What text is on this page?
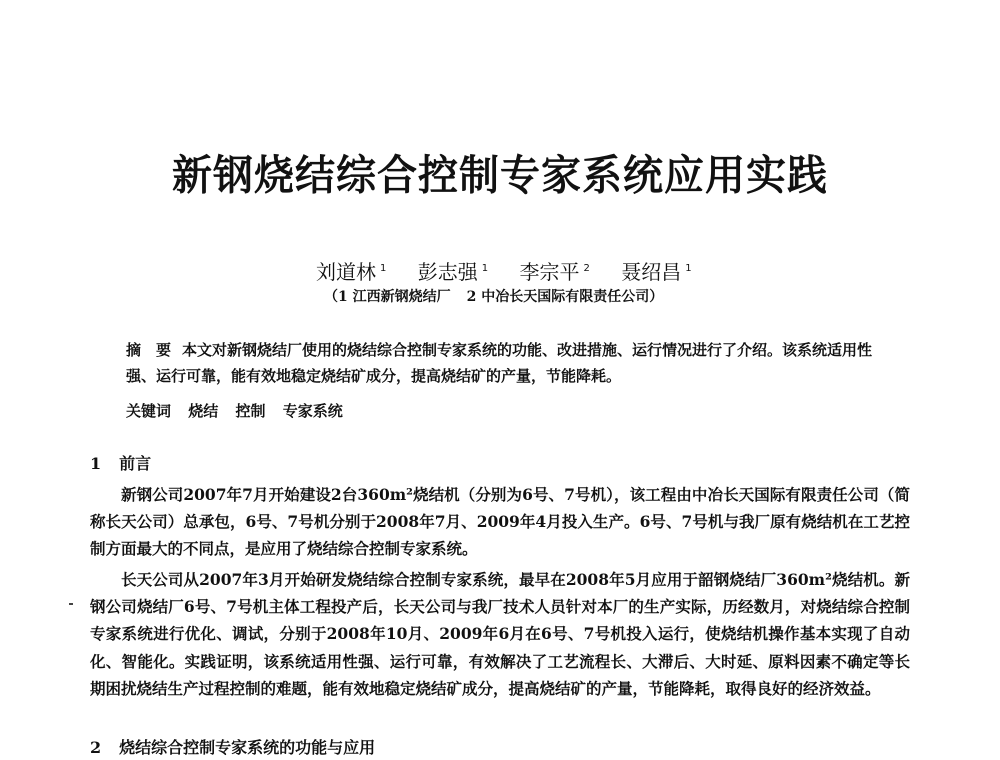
新钢烧结综合控制专家系统应用实践
刘道林 $^1$ 彭志强 $^1$ 李宗平 $^2$ 聂绍昌 $^1$
（1 江西新钢烧结厂 2 中冶长天国际有限责任公司）
摘　要 本文对新钢烧结厂使用的烧结综合控制专家系统的功能、改进措施、运行情况进行了介绍。该系统适用性强、运行可靠，能有效地稳定烧结矿成分，提高烧结矿的产量，节能降耗。
关键词 烧结 控制 专家系统
1 前言
新钢公司2007年7月开始建设2台360m²烧结机（分别为6号、7号机），该工程由中冶长天国际有限责任公司（简称长天公司）总承包，6号、7号机分别于2008年7月、2009年4月投入生产。6号、7号机与我厂原有烧结机在工艺控制方面最大的不同点，是应用了烧结综合控制专家系统。
长天公司从2007年3月开始研发烧结综合控制专家系统，最早在2008年5月应用于韶钢烧结厂360m²烧结机。新钢公司烧结厂6号、7号机主体工程投产后，长天公司与我厂技术人员针对本厂的生产实际，历经数月，对烧结综合控制专家系统进行优化、调试，分别于2008年10月、2009年6月在6号、7号机投入运行，使烧结机操作基本实现了自动化、智能化。实践证明，该系统适用性强、运行可靠，有效解决了工艺流程长、大滞后、大时延、原料因素不确定等长期困扰烧结生产过程控制的难题，能有效地稳定烧结矿成分，提高烧结矿的产量，节能降耗，取得良好的经济效益。
2 烧结综合控制专家系统的功能与应用
